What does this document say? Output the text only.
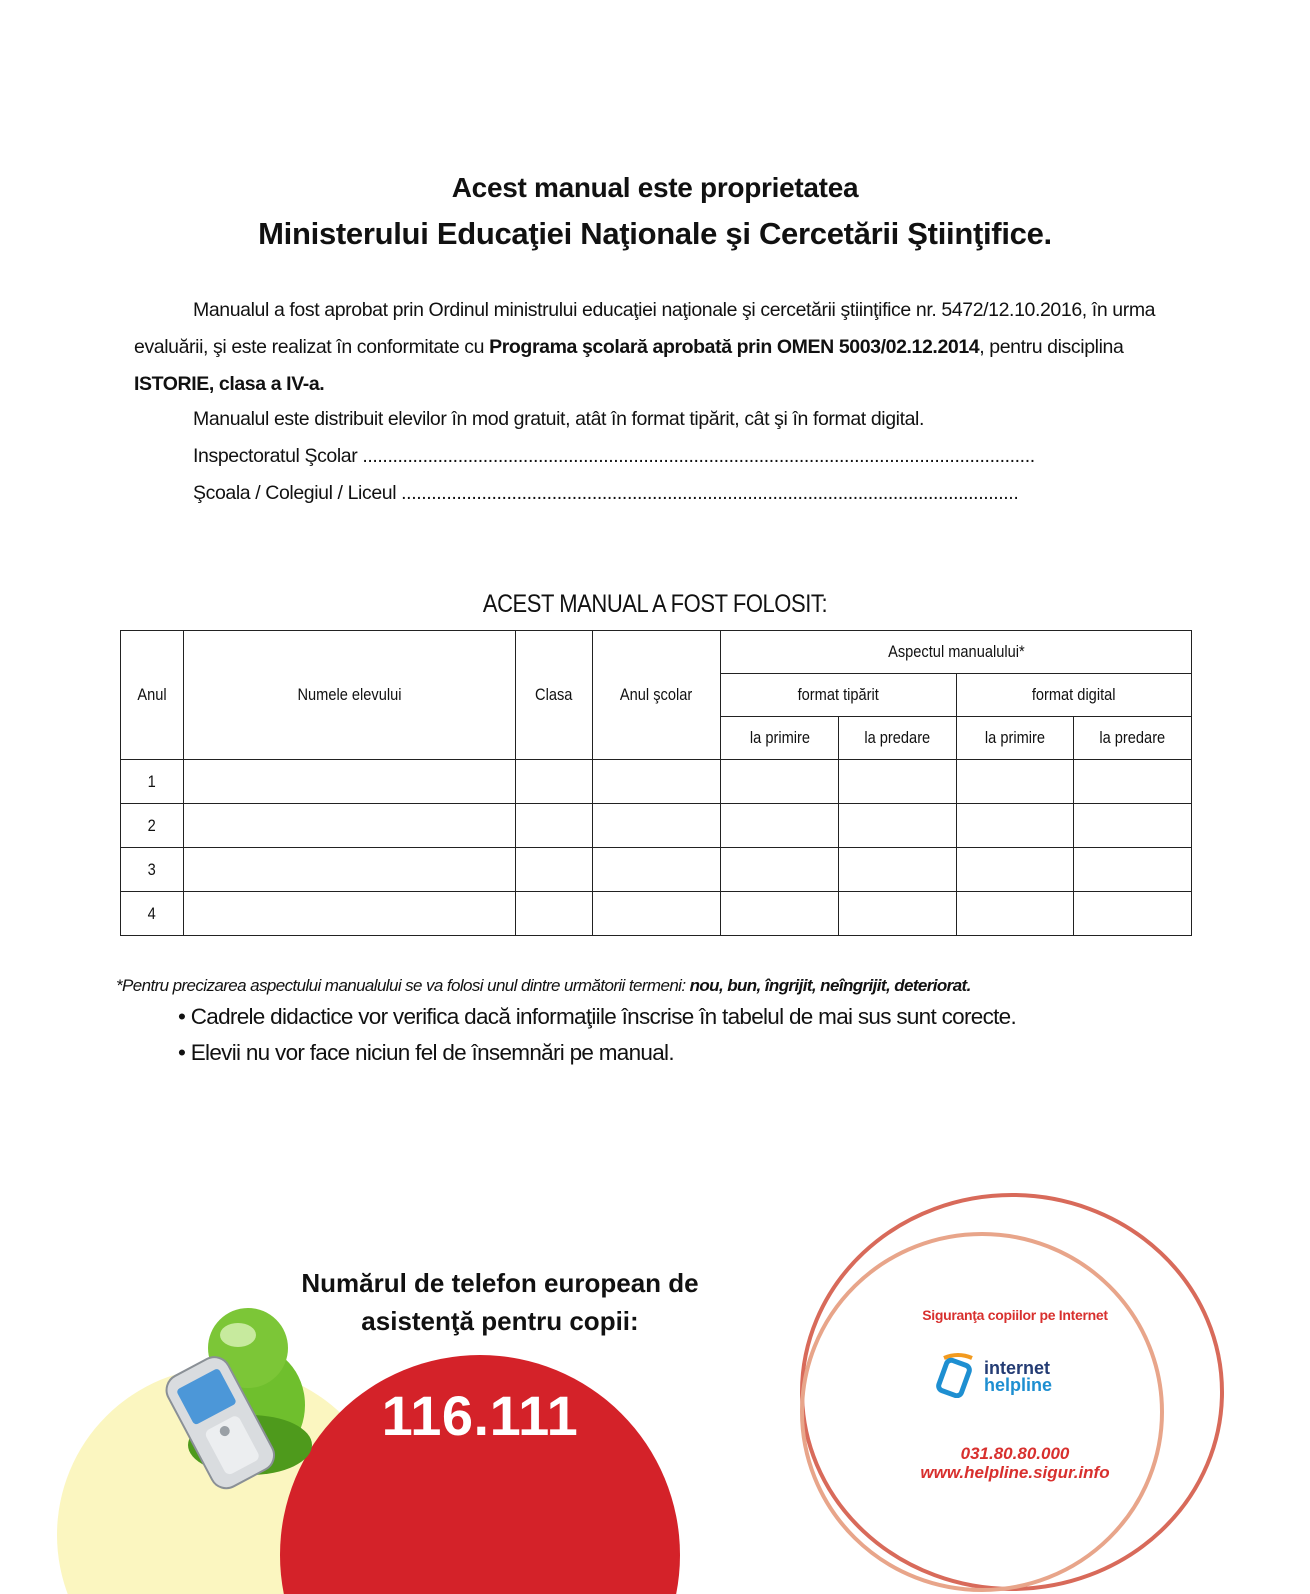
Acest manual este proprietatea
Ministerului Educaţiei Naţionale şi Cercetării Ştiinţifice.
Manualul a fost aprobat prin Ordinul ministrului educaţiei naţionale şi cercetării ştiinţifice nr. 5472/12.10.2016, în urma evaluării, şi este realizat în conformitate cu Programa şcolară aprobată prin OMEN 5003/02.12.2014, pentru disciplina ISTORIE, clasa a IV-a.
Manualul este distribuit elevilor în mod gratuit, atât în format tipărit, cât şi în format digital.
Inspectoratul Şcolar ......................................................................................................................................
Şcoala / Colegiul / Liceul ...........................................................................................................................
ACEST MANUAL A FOST FOLOSIT:
Anul	Numele elevului	Clasa	Anul şcolar	Aspectul manualului*			
				format tipărit		format digital	
				la primire	la predare	la primire	la predare
1							
2							
3							
4							
*Pentru precizarea aspectului manualului se va folosi unul dintre următorii termeni: nou, bun, îngrijit, neîngrijit, deteriorat.
• Cadrele didactice vor verifica dacă informaţiile înscrise în tabelul de mai sus sunt corecte.
• Elevii nu vor face niciun fel de însemnări pe manual.
Numărul de telefon european de
asistenţă pentru copii:
116.111
Siguranţa copiilor pe Internet
internet
helpline
031.80.80.000
www.helpline.sigur.info
